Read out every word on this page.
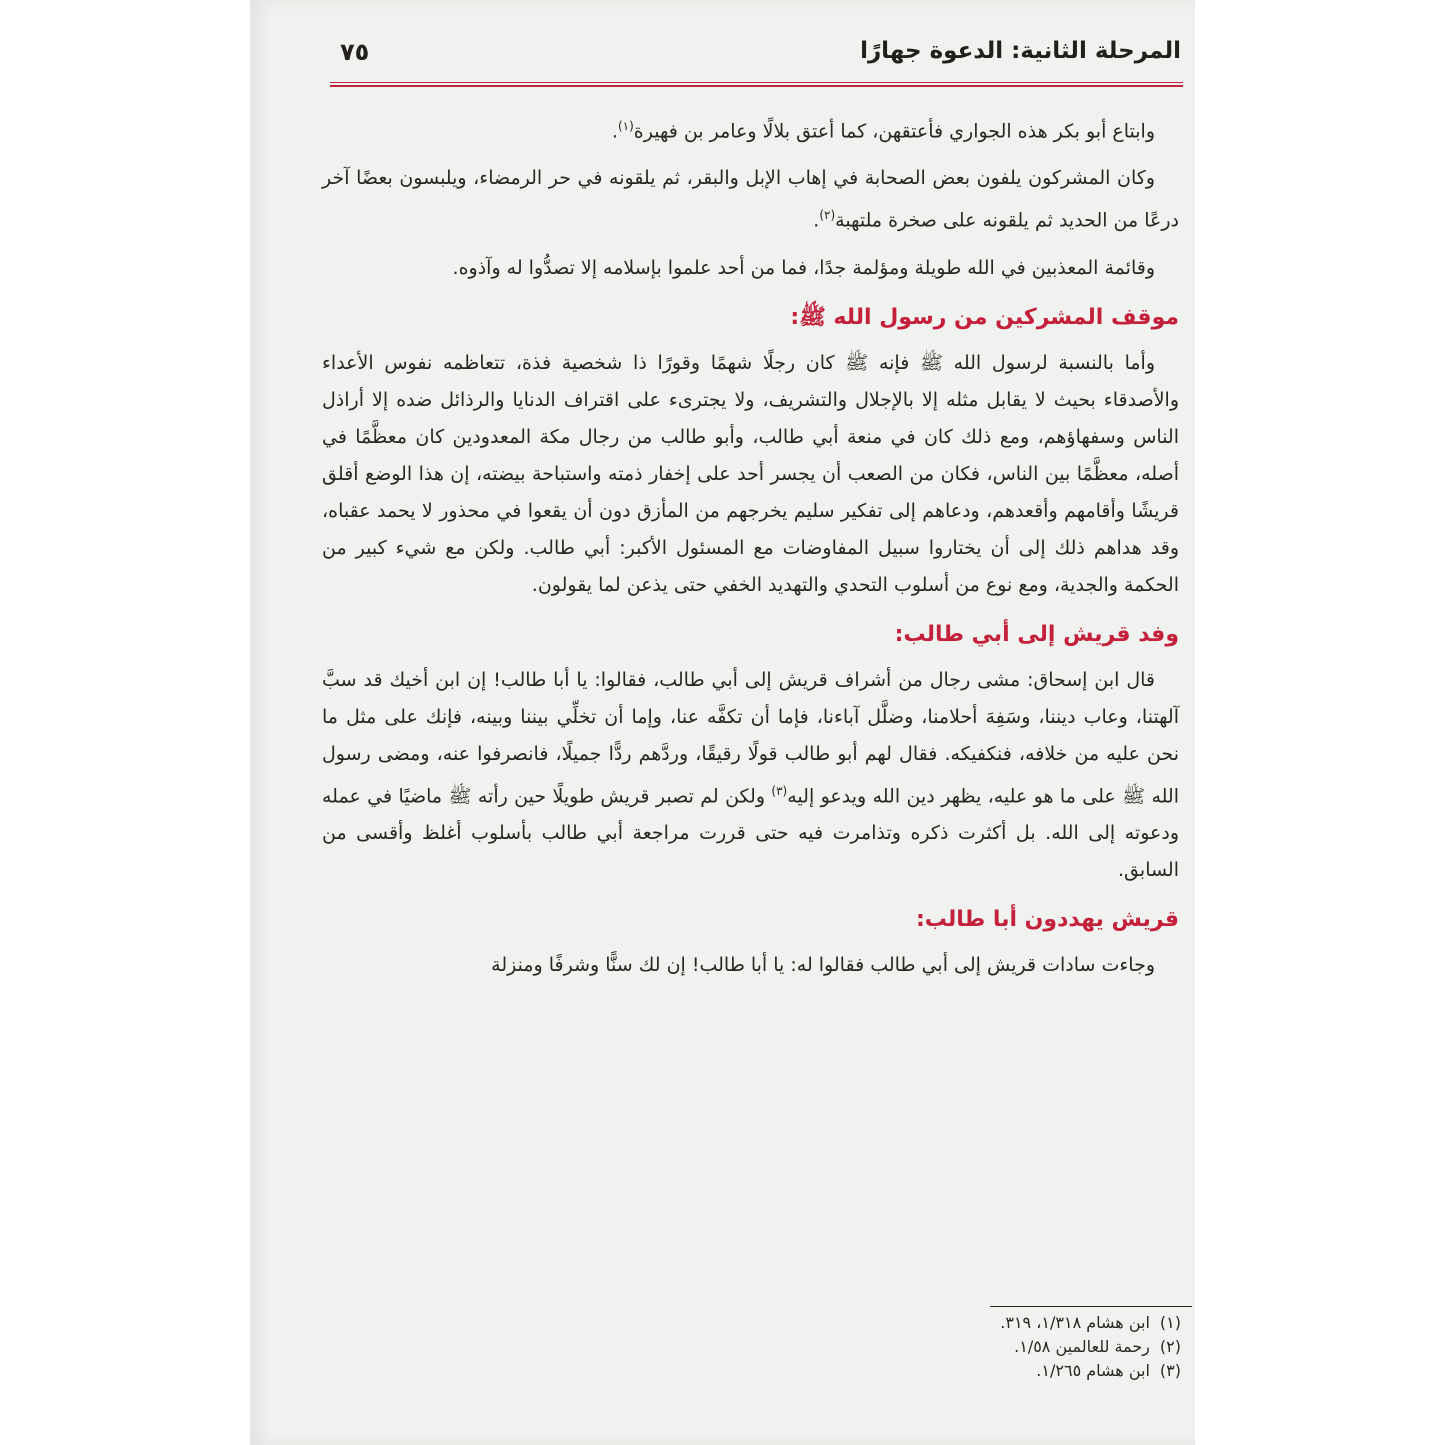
المرحلة الثانية: الدعوة جهارًا
٧٥

وابتاع أبو بكر هذه الجواري فأعتقهن، كما أعتق بلالًا وعامر بن فهيرة$^{(١)}$.

وكان المشركون يلفون بعض الصحابة في إهاب الإبل والبقر، ثم يلقونه في حر الرمضاء، ويلبسون بعضًا آخر درعًا من الحديد ثم يلقونه على صخرة ملتهبة$^{(٢)}$.

وقائمة المعذبين في الله طويلة ومؤلمة جدًا، فما من أحد علموا بإسلامه إلا تصدُّوا له وآذوه.

موقف المشركين من رسول الله ﷺ:

وأما بالنسبة لرسول الله ﷺ فإنه ﷺ كان رجلًا شهمًا وقورًا ذا شخصية فذة، تتعاظمه نفوس الأعداء والأصدقاء بحيث لا يقابل مثله إلا بالإجلال والتشريف، ولا يجترىء على اقتراف الدنايا والرذائل ضده إلا أراذل الناس وسفهاؤهم، ومع ذلك كان في منعة أبي طالب، وأبو طالب من رجال مكة المعدودين كان معظَّمًا في أصله، معظَّمًا بين الناس، فكان من الصعب أن يجسر أحد على إخفار ذمته واستباحة بيضته، إن هذا الوضع أقلق قريشًا وأقامهم وأقعدهم، ودعاهم إلى تفكير سليم يخرجهم من المأزق دون أن يقعوا في محذور لا يحمد عقباه، وقد هداهم ذلك إلى أن يختاروا سبيل المفاوضات مع المسئول الأكبر: أبي طالب. ولكن مع شيء كبير من الحكمة والجدية، ومع نوع من أسلوب التحدي والتهديد الخفي حتى يذعن لما يقولون.

وفد قريش إلى أبي طالب:

قال ابن إسحاق: مشى رجال من أشراف قريش إلى أبي طالب، فقالوا: يا أبا طالب! إن ابن أخيك قد سبَّ آلهتنا، وعاب ديننا، وسَفِهَ أحلامنا، وضلَّل آباءنا، فإما أن تكفَّه عنا، وإما أن تخلِّي بيننا وبينه، فإنك على مثل ما نحن عليه من خلافه، فنكفيكه. فقال لهم أبو طالب قولًا رقيقًا، وردَّهم ردًّا جميلًا، فانصرفوا عنه، ومضى رسول الله ﷺ على ما هو عليه، يظهر دين الله ويدعو إليه$^{(٣)}$ ولكن لم تصبر قريش طويلًا حين رأته ﷺ ماضيًا في عمله ودعوته إلى الله. بل أكثرت ذكره وتذامرت فيه حتى قررت مراجعة أبي طالب بأسلوب أغلظ وأقسى من السابق.

قريش يهددون أبا طالب:

وجاءت سادات قريش إلى أبي طالب فقالوا له: يا أبا طالب! إن لك سنًّا وشرفًا ومنزلة

(١)ابن هشام ١/٣١٨، ٣١٩.
(٢)رحمة للعالمين ١/٥٨.
(٣)ابن هشام ١/٢٦٥.
